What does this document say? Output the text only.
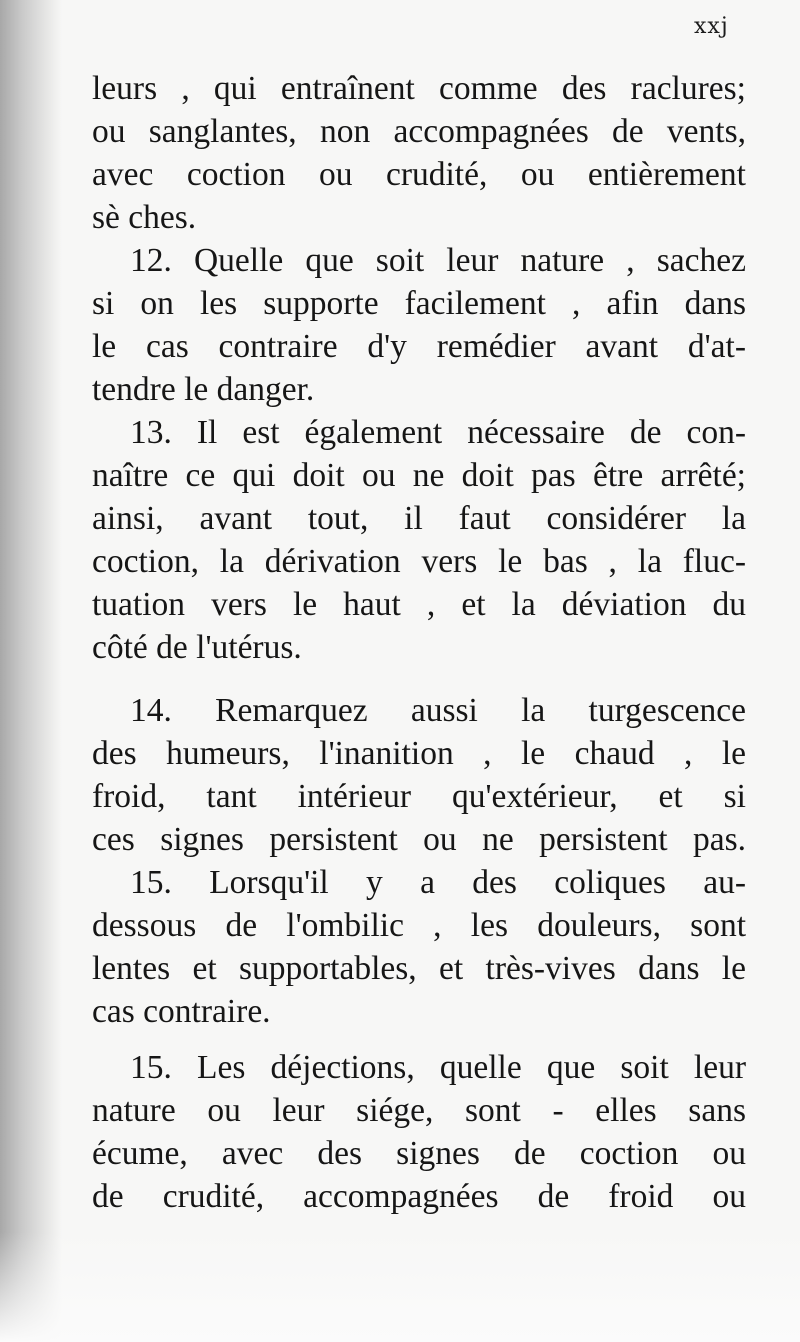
xxj

leurs , qui entraînent comme des raclures;

ou sanglantes, non accompagnées de vents,

avec coction ou crudité, ou entièrement

sè ches.

12. Quelle que soit leur nature , sachez

si on les supporte facilement , afin dans

le cas contraire d'y remédier avant d'at-

tendre le danger.

13. Il est également nécessaire de con-

naître ce qui doit ou ne doit pas être arrêté;

ainsi, avant tout, il faut considérer la

coction, la dérivation vers le bas , la fluc-

tuation vers le haut , et la déviation du

côté de l'utérus.

14. Remarquez aussi la turgescence

des humeurs, l'inanition , le chaud , le

froid, tant intérieur qu'extérieur, et si

ces signes persistent ou ne persistent pas.

15. Lorsqu'il y a des coliques au-

dessous de l'ombilic , les douleurs, sont

lentes et supportables, et très-vives dans le

cas contraire.

15. Les déjections, quelle que soit leur

nature ou leur siége, sont - elles sans

écume, avec des signes de coction ou

de crudité, accompagnées de froid ou
